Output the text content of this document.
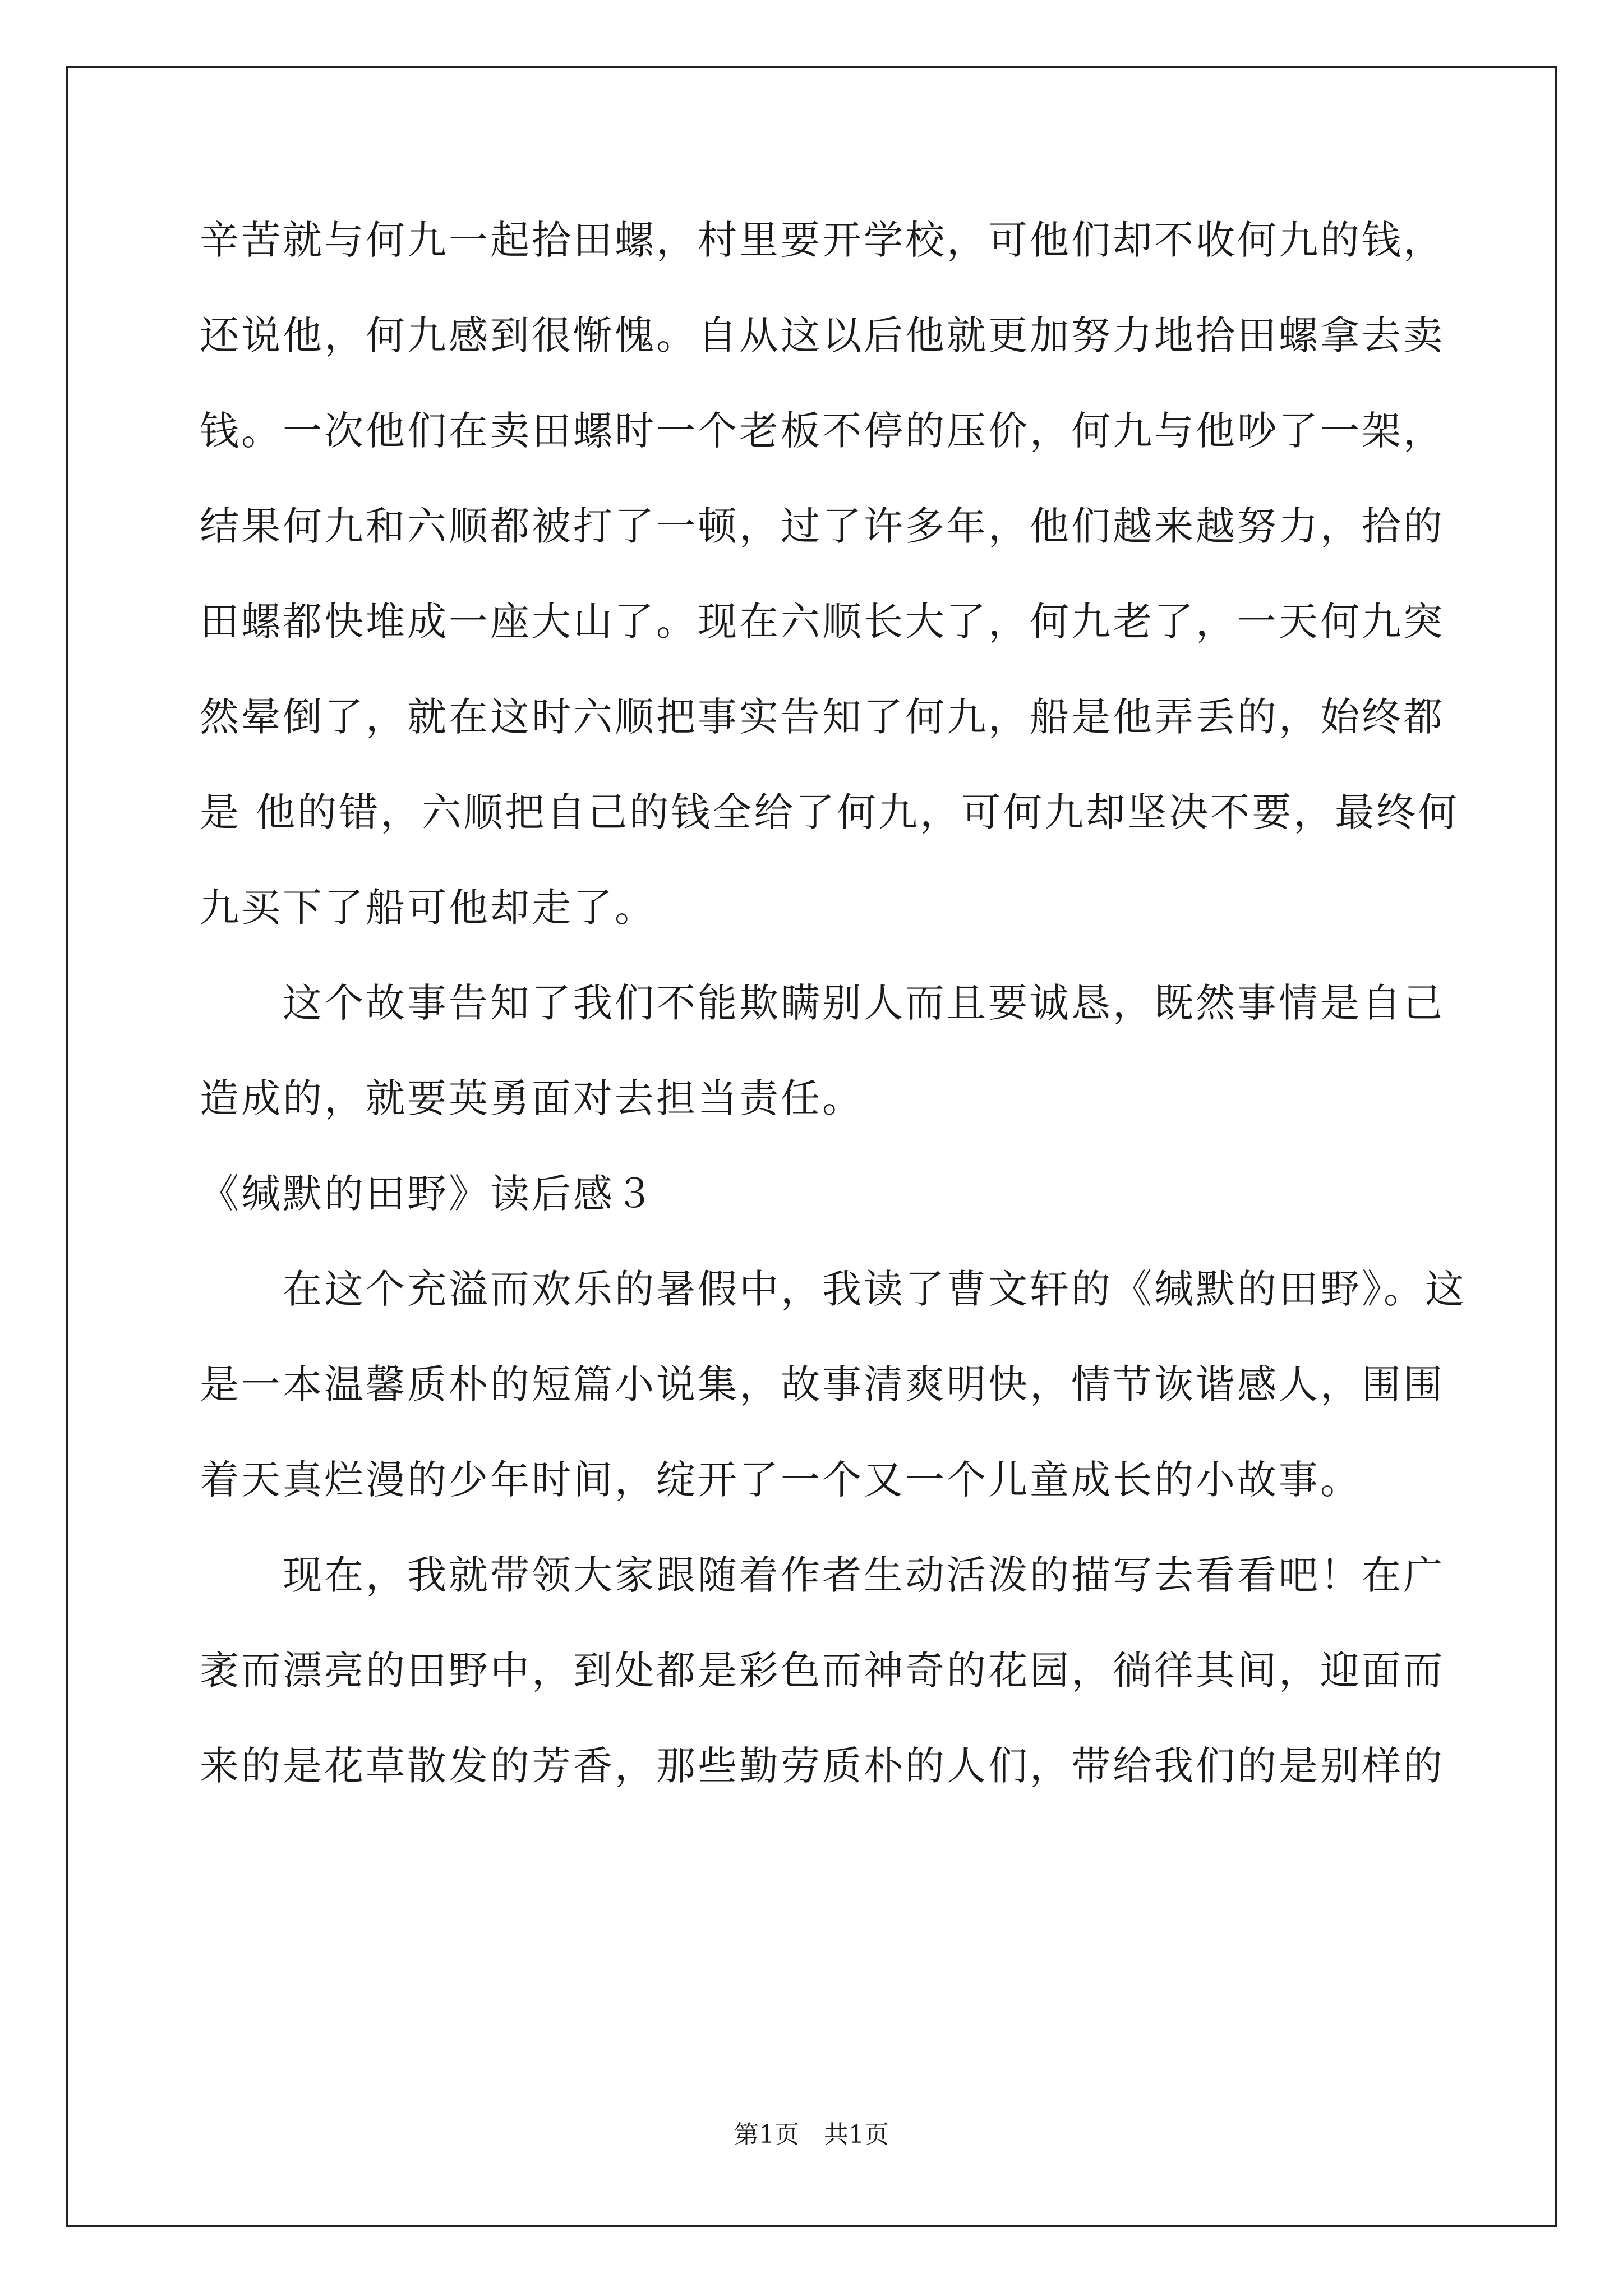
辛苦就与何九一起拾田螺，村里要开学校，可他们却不收何九的钱，
还说他，何九感到很惭愧。自从这以后他就更加努力地拾田螺拿去卖
钱。一次他们在卖田螺时一个老板不停的压价，何九与他吵了一架，
结果何九和六顺都被打了一顿，过了许多年，他们越来越努力，拾的
田螺都快堆成一座大山了。现在六顺长大了，何九老了，一天何九突
然晕倒了，就在这时六顺把事实告知了何九，船是他弄丢的，始终都
是 他的错，六顺把自己的钱全给了何九，可何九却坚决不要，最终何
九买下了船可他却走了。
　　这个故事告知了我们不能欺瞒别人而且要诚恳，既然事情是自己
造成的，就要英勇面对去担当责任。
《缄默的田野》读后感３
　　在这个充溢而欢乐的暑假中，我读了曹文轩的《缄默的田野》。这
是一本温馨质朴的短篇小说集，故事清爽明快，情节诙谐感人，围围
着天真烂漫的少年时间，绽开了一个又一个儿童成长的小故事。
　　现在，我就带领大家跟随着作者生动活泼的描写去看看吧！在广
袤而漂亮的田野中，到处都是彩色而神奇的花园，徜徉其间，迎面而
来的是花草散发的芳香，那些勤劳质朴的人们，带给我们的是别样的
第1页　共1页
